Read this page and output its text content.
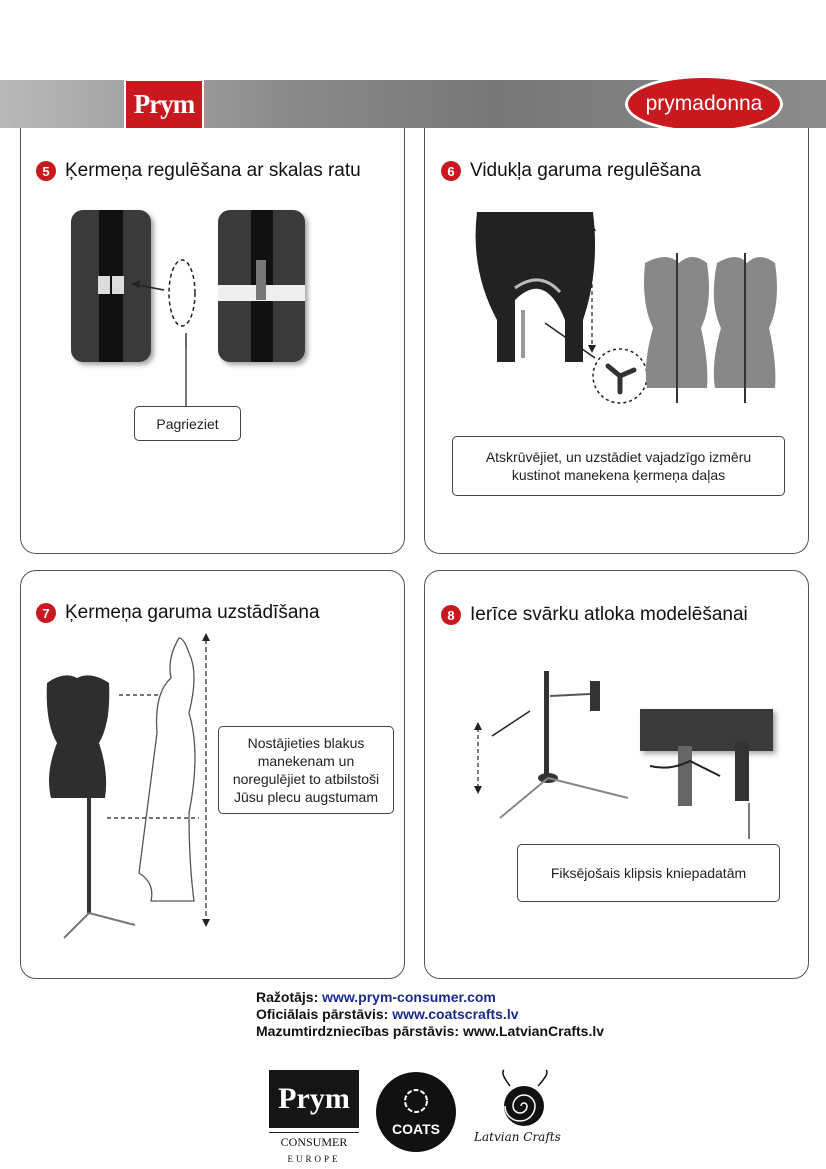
Prym	prymadonna
5 Ķermeņa regulēšana ar skalas ratu
Pagrieziet
6 Vidukļa garuma regulēšana
Atskrūvējiet, un uzstādiet vajadzīgo izmēru
kustinot manekena ķermeņa daļas
7 Ķermeņa garuma uzstādīšana
Nostājieties blakus
manekenam un
noregulējiet to atbilstoši
Jūsu plecu augstumam
8 Ierīce svārku atloka modelēšanai
Fiksējošais klipsis kniepadatām
Ražotājs: www.prym-consumer.com
Oficiālais pārstāvis: www.coatscrafts.lv
Mazumtirdzniecības pārstāvis: www.LatvianCrafts.lv
Prym
CONSUMER
EUROPE
COATS	Latvian Crafts
